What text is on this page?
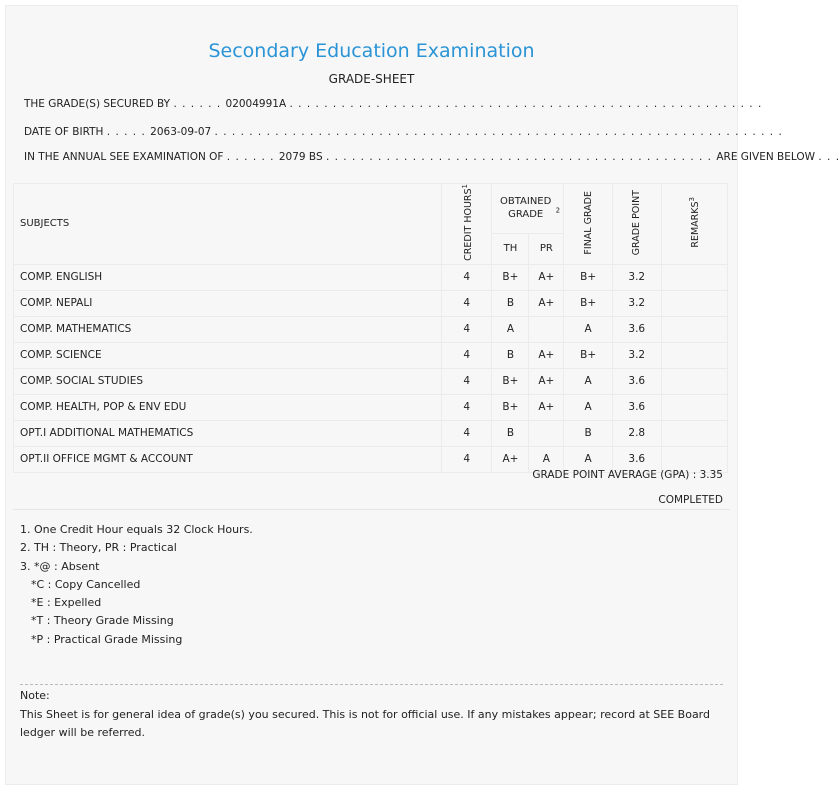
Secondary Education Examination
GRADE-SHEET
THE GRADE(S) SECURED BY . . . . . . 02004991A . . . . . . . . . . . . . . . . . . . . . . . . . . . . . . . . . . . . . . . . . . . . . . . . . . . . . . .
DATE OF BIRTH . . . . . 2063-09-07 . . . . . . . . . . . . . . . . . . . . . . . . . . . . . . . . . . . . . . . . . . . . . . . . . . . . . . . . . . . . . . . . . .
IN THE ANNUAL SEE EXAMINATION OF . . . . . . 2079 BS . . . . . . . . . . . . . . . . . . . . . . . . . . . . . . . . . . . . . . . . . . . . . ARE GIVEN BELOW . . .
SUBJECTS	CREDIT HOURS$^1$	OBTAINED GRADE $^2$		FINAL GRADE	GRADE POINT	REMARKS$^3$
		TH	PR			
COMP. ENGLISH	4	B+	A+	B+	3.2	
COMP. NEPALI	4	B	A+	B+	3.2	
COMP. MATHEMATICS	4	A		A	3.6	
COMP. SCIENCE	4	B	A+	B+	3.2	
COMP. SOCIAL STUDIES	4	B+	A+	A	3.6	
COMP. HEALTH, POP & ENV EDU	4	B+	A+	A	3.6	
OPT.I ADDITIONAL MATHEMATICS	4	B		B	2.8	
OPT.II OFFICE MGMT & ACCOUNT	4	A+	A	A	3.6	
GRADE POINT AVERAGE (GPA) : 3.35
COMPLETED
1. One Credit Hour equals 32 Clock Hours.
2. TH : Theory, PR : Practical
3. *@ : Absent
*C : Copy Cancelled
*E : Expelled
*T : Theory Grade Missing
*P : Practical Grade Missing
Note:
This Sheet is for general idea of grade(s) you secured. This is not for official use. If any mistakes appear; record at SEE Board ledger will be referred.
